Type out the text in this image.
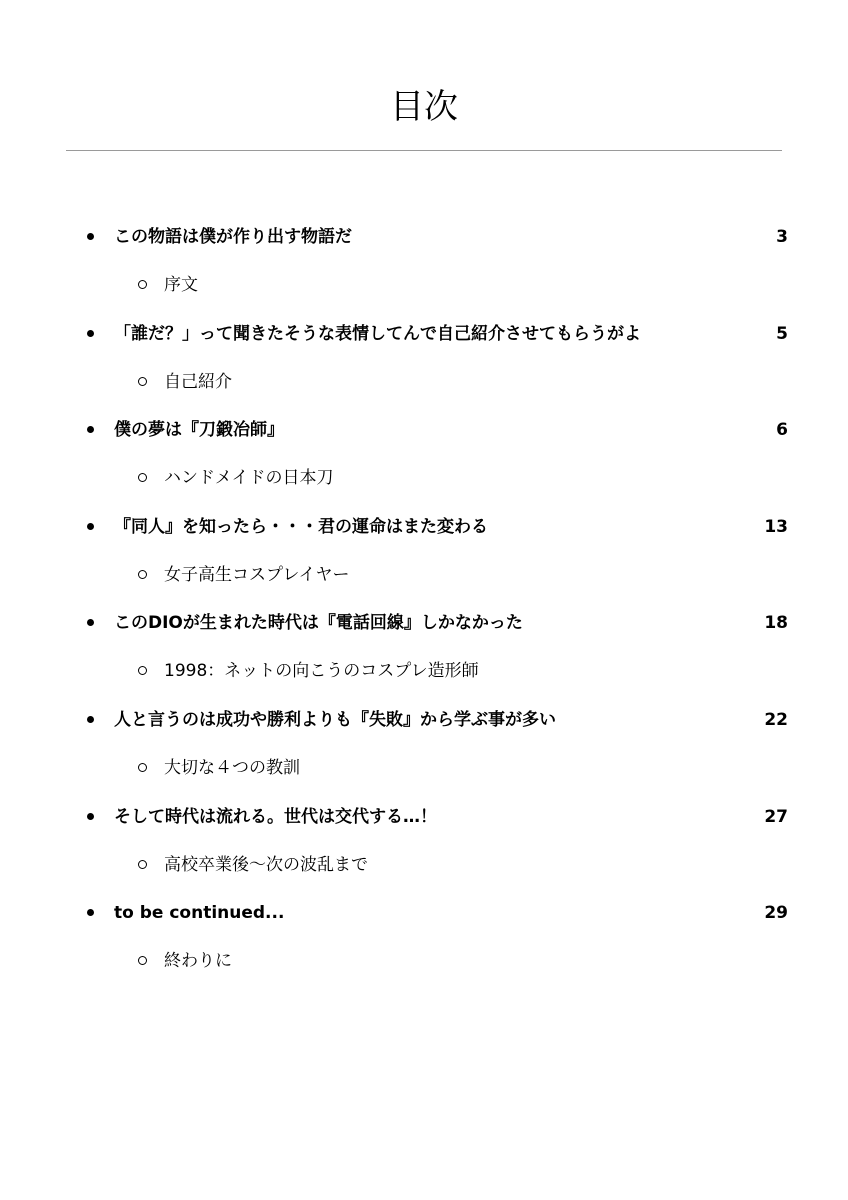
目次
この物語は僕が作り出す物語だ	3
序文
「誰だ？」って聞きたそうな表情してんで自己紹介させてもらうがよ	5
自己紹介
僕の夢は『刀鍛冶師』	6
ハンドメイドの日本刀
『同人』を知ったら・・・君の運命はまた変わる	13
女子高生コスプレイヤー
このDIOが生まれた時代は『電話回線』しかなかった	18
1998：ネットの向こうのコスプレ造形師
人と言うのは成功や勝利よりも『失敗』から学ぶ事が多い	22
大切な４つの教訓
そして時代は流れる。世代は交代する…！	27
高校卒業後〜次の波乱まで
to be continued...	29
終わりに
